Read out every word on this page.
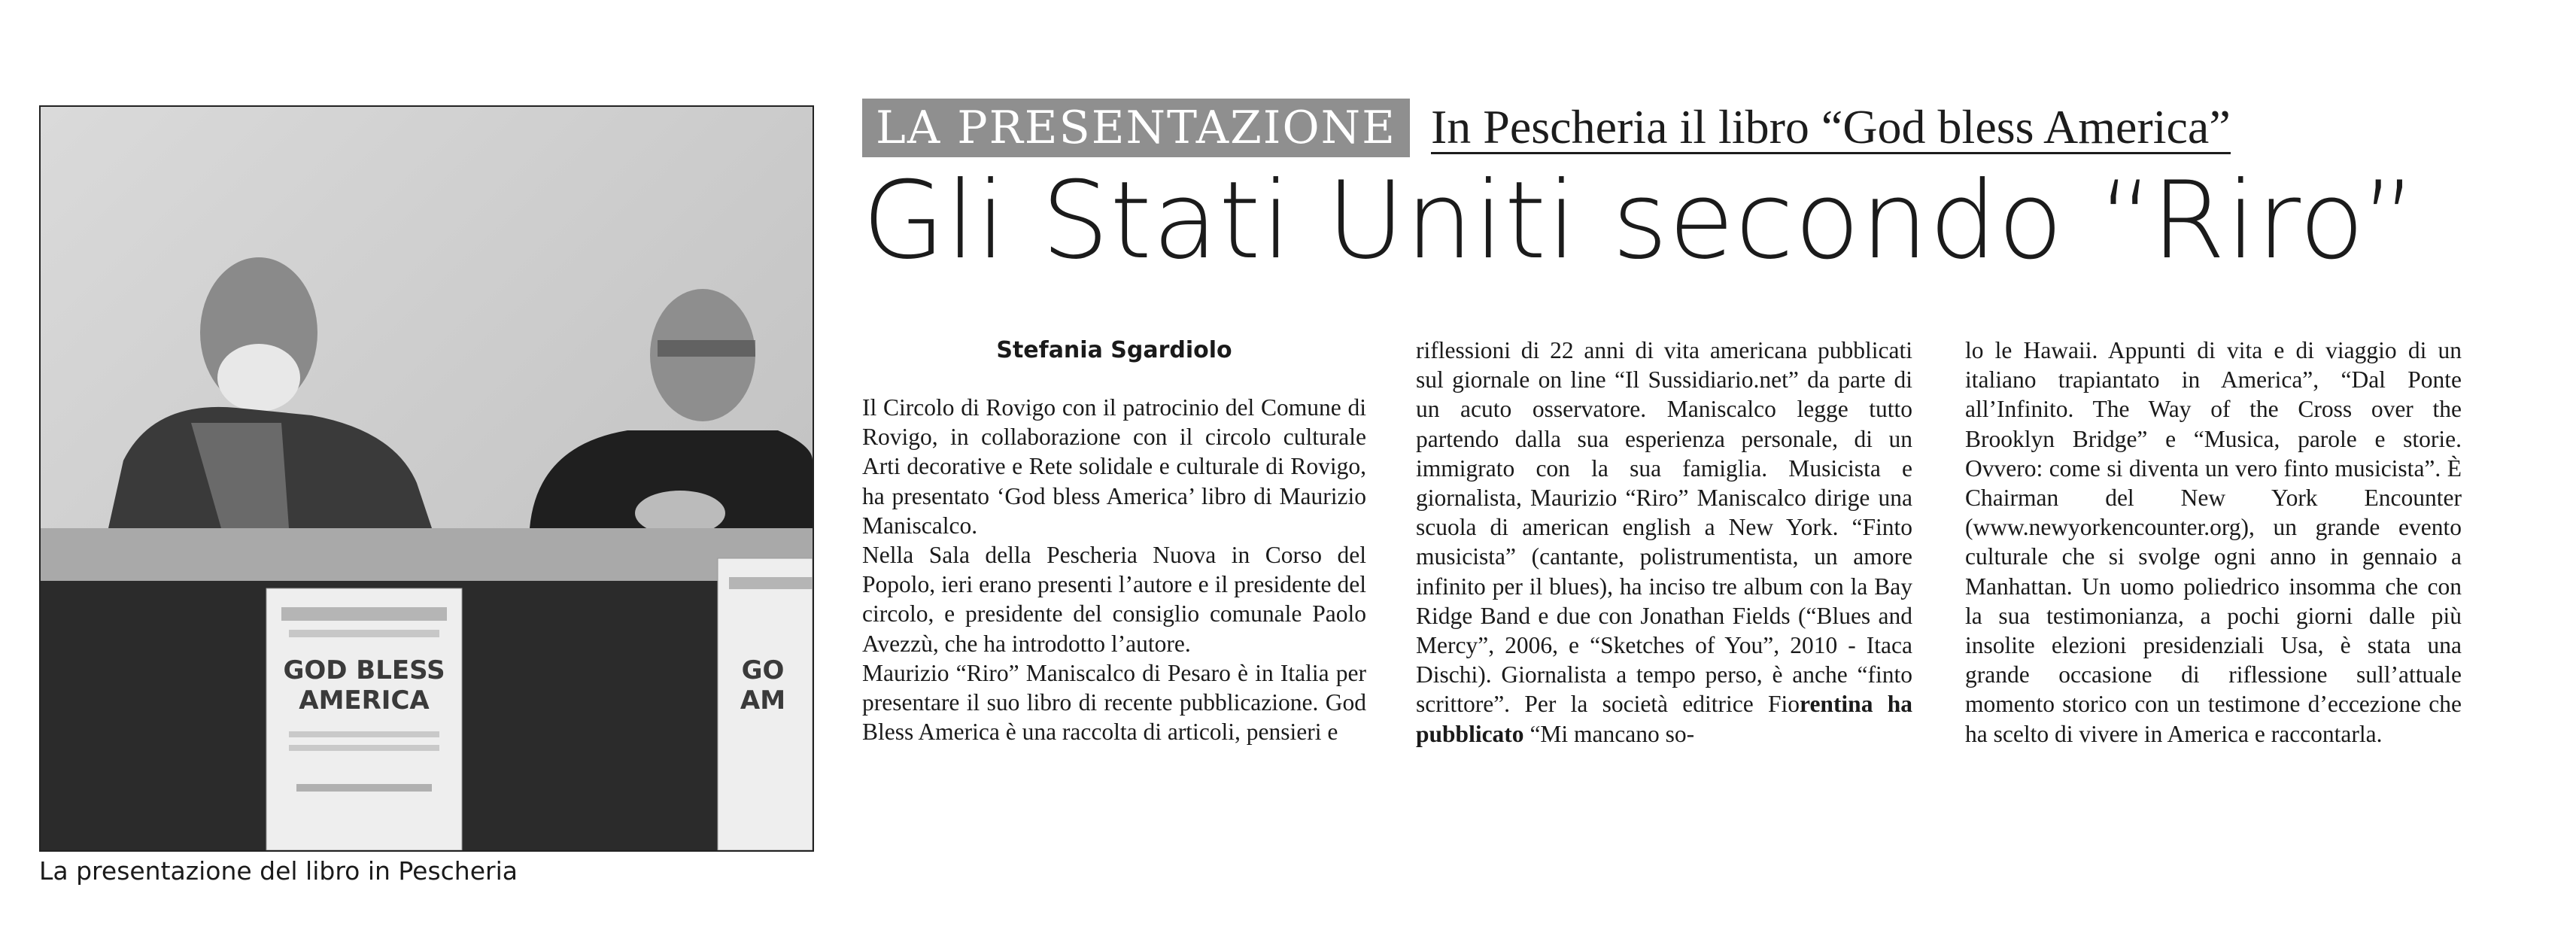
GOD BLESS
AMERICA
GO
AM
La presentazione del libro in Pescheria
LA PRESENTAZIONE In Pescheria il libro “God bless America”
Gli Stati Uniti secondo “Riro”
Stefania Sgardiolo

Il Circolo di Rovigo con il patrocinio del Comune di Rovigo, in collaborazione con il circolo culturale Arti decorative e Rete solidale e culturale di Rovigo, ha presentato ‘God bless America’ libro di Maurizio Maniscalco.

Nella Sala della Pescheria Nuova in Corso del Popolo, ieri erano presenti l’autore e il presidente del circolo, e presidente del consiglio comunale Paolo Avezzù, che ha introdotto l’autore.

Maurizio “Riro” Maniscalco di Pesaro è in Italia per presentare il suo libro di recente pubblicazione. God Bless America è una raccolta di articoli, pensieri e

riflessioni di 22 anni di vita americana pubblicati sul giornale on line “Il Sussidiario.net” da parte di un acuto osservatore. Maniscalco legge tutto partendo dalla sua esperienza personale, di un immigrato con la sua famiglia. Musicista e giornalista, Maurizio “Riro” Maniscalco dirige una scuola di american english a New York. “Finto musicista” (cantante, polistrumentista, un amore infinito per il blues), ha inciso tre album con la Bay Ridge Band e due con Jonathan Fields (“Blues and Mercy”, 2006, e “Sketches of You”, 2010 - Itaca Dischi). Giornalista a tempo perso, è anche “finto scrittore”. Per la società editrice Fiorentina ha pubblicato “Mi mancano so-

lo le Hawaii. Appunti di vita e di viaggio di un italiano trapiantato in America”, “Dal Ponte all’Infinito. The Way of the Cross over the Brooklyn Bridge” e “Musica, parole e storie. Ovvero: come si diventa un vero finto musicista”. È Chairman del New York Encounter (www.newyorkencounter.org), un grande evento culturale che si svolge ogni anno in gennaio a Manhattan. Un uomo poliedrico insomma che con la sua testimonianza, a pochi giorni dalle più insolite elezioni presidenziali Usa, è stata una grande occasione di riflessione sull’attuale momento storico con un testimone d’eccezione che ha scelto di vivere in America e raccontarla.
